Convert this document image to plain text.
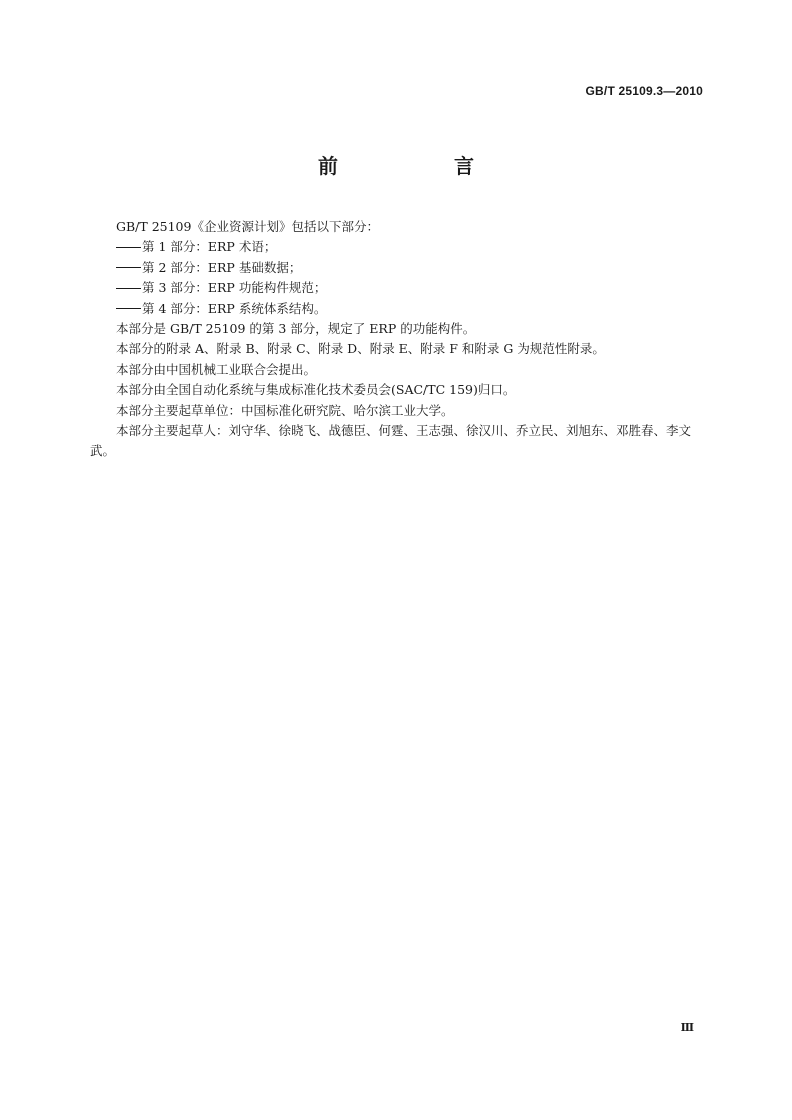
GB/T 25109.3—2010
前　言

GB/T 25109《企业资源计划》包括以下部分：

第 1 部分：ERP 术语；

第 2 部分：ERP 基础数据；

第 3 部分：ERP 功能构件规范；

第 4 部分：ERP 系统体系结构。

本部分是 GB/T 25109 的第 3 部分，规定了 ERP 的功能构件。

本部分的附录 A、附录 B、附录 C、附录 D、附录 E、附录 F 和附录 G 为规范性附录。

本部分由中国机械工业联合会提出。

本部分由全国自动化系统与集成标准化技术委员会(SAC/TC 159)归口。

本部分主要起草单位：中国标准化研究院、哈尔滨工业大学。

本部分主要起草人：刘守华、徐晓飞、战德臣、何霆、王志强、徐汉川、乔立民、刘旭东、邓胜春、李文武。

Ⅲ
